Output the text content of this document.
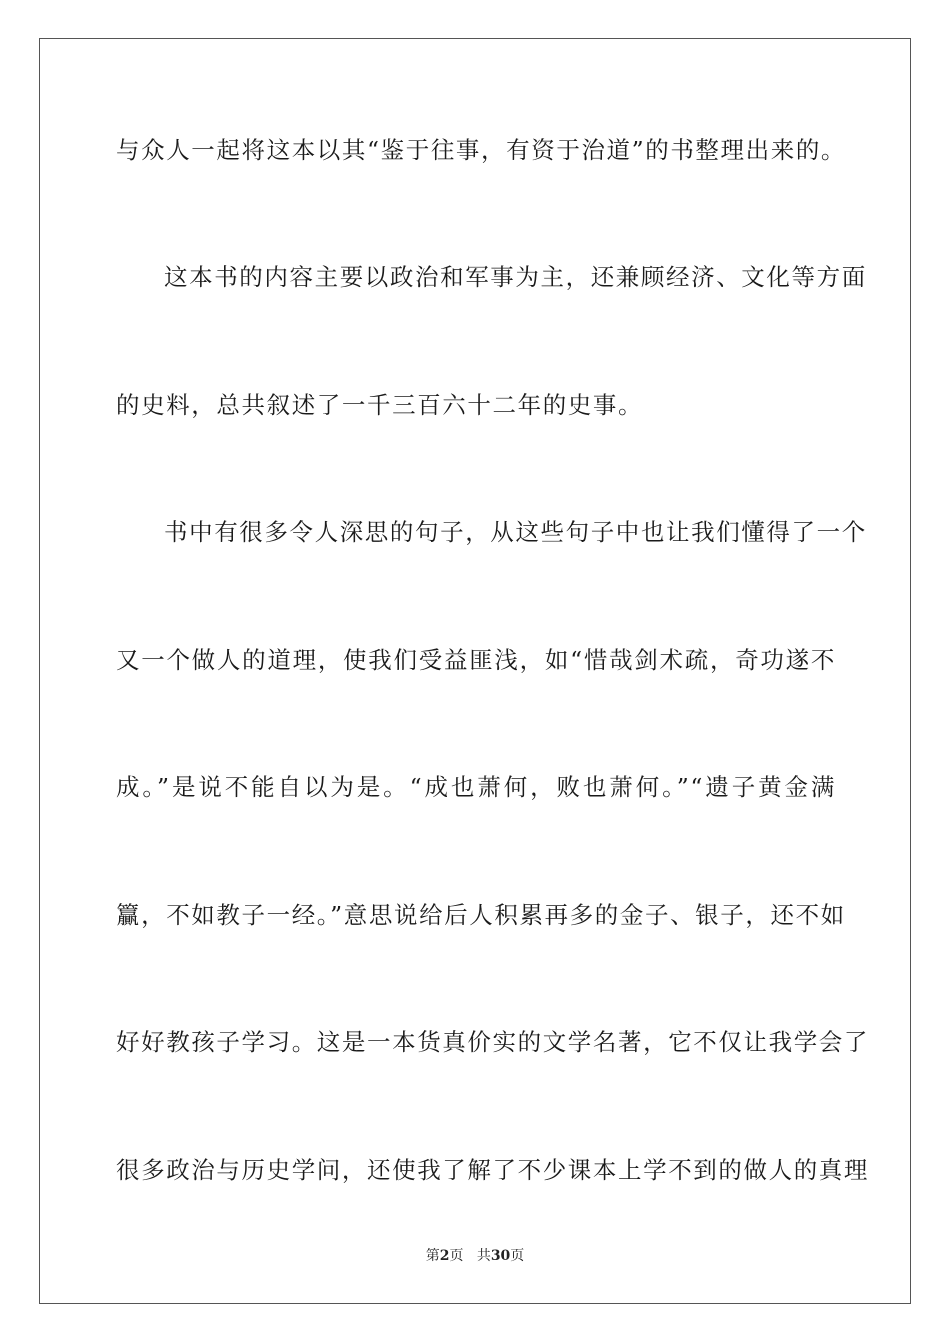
与众人一起将这本以其“鉴于往事，有资于治道”的书整理出来的。
这本书的内容主要以政治和军事为主，还兼顾经济、文化等方面
的史料，总共叙述了一千三百六十二年的史事。
书中有很多令人深思的句子，从这些句子中也让我们懂得了一个
又一个做人的道理，使我们受益匪浅，如“惜哉剑术疏，奇功遂不
成。”是说不能自以为是。“成也萧何，败也萧何。”“遗子黄金满
籯，不如教子一经。”意思说给后人积累再多的金子、银子，还不如
好好教孩子学习。这是一本货真价实的文学名著，它不仅让我学会了
很多政治与历史学问，还使我了解了不少课本上学不到的做人的真理
第2页 共30页
